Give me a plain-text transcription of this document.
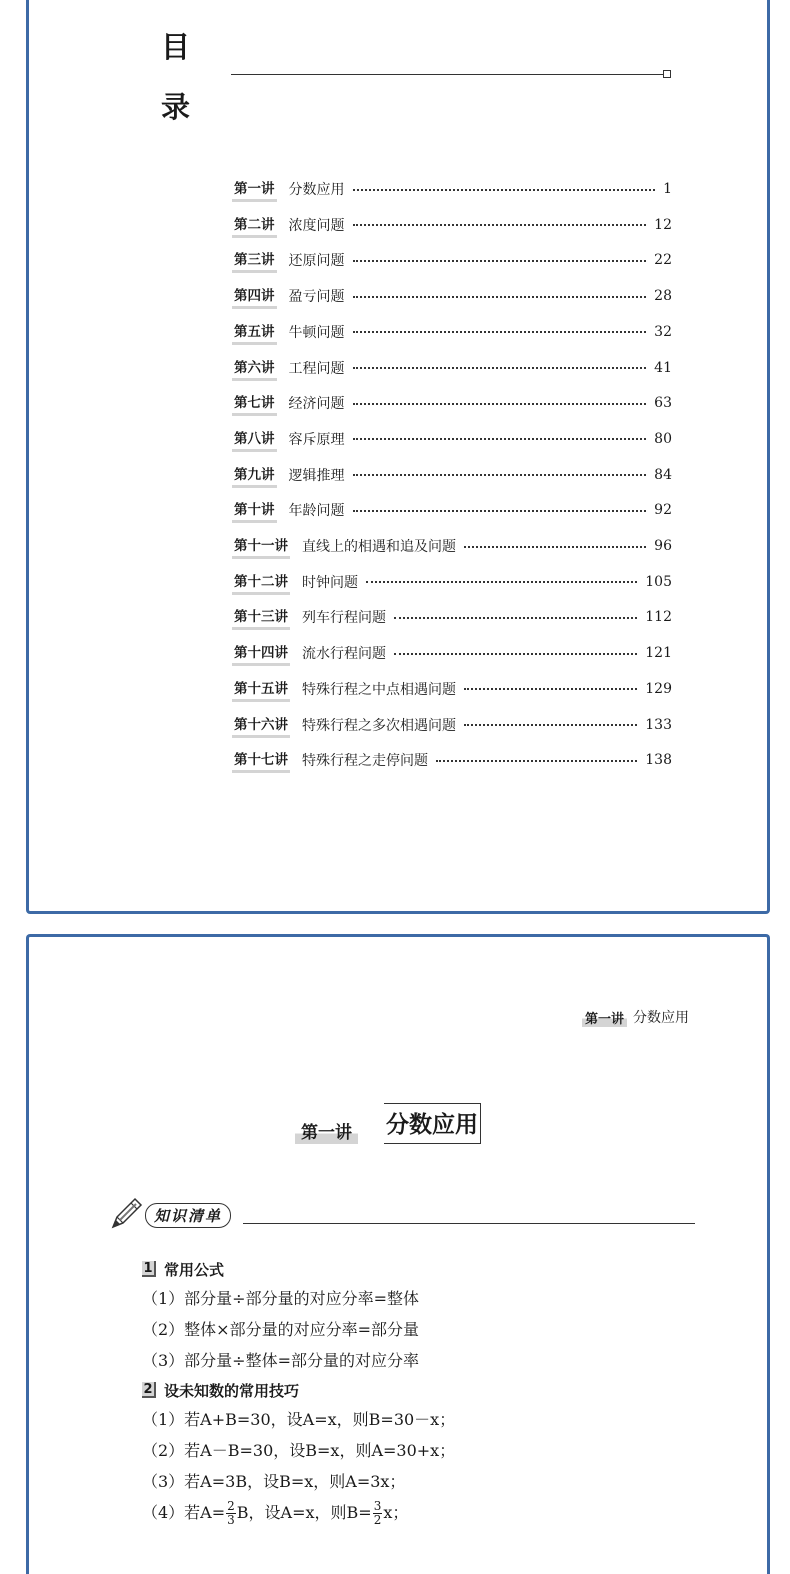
目
录
第一讲 分数应用	1
第二讲 浓度问题	12
第三讲 还原问题	22
第四讲 盈亏问题	28
第五讲 牛顿问题	32
第六讲 工程问题	41
第七讲 经济问题	63
第八讲 容斥原理	80
第九讲 逻辑推理	84
第十讲 年龄问题	92
第十一讲 直线上的相遇和追及问题	96
第十二讲 时钟问题	105
第十三讲 列车行程问题	112
第十四讲 流水行程问题	121
第十五讲 特殊行程之中点相遇问题	129
第十六讲 特殊行程之多次相遇问题	133
第十七讲 特殊行程之走停问题	138
第一讲 分数应用
第一讲 分数应用
知识清单
1 常用公式
（1）部分量÷部分量的对应分率=整体
（2）整体×部分量的对应分率=部分量
（3）部分量÷整体=部分量的对应分率
2 设未知数的常用技巧
（1）若A+B=30，设A=x，则B=30－x；
（2）若A－B=30，设B=x，则A=30+x；
（3）若A=3B，设B=x，则A=3x；
（4）若$A= \frac{2}{3}$ B，设A=x，则$B= \frac{3}{2}$ x；
